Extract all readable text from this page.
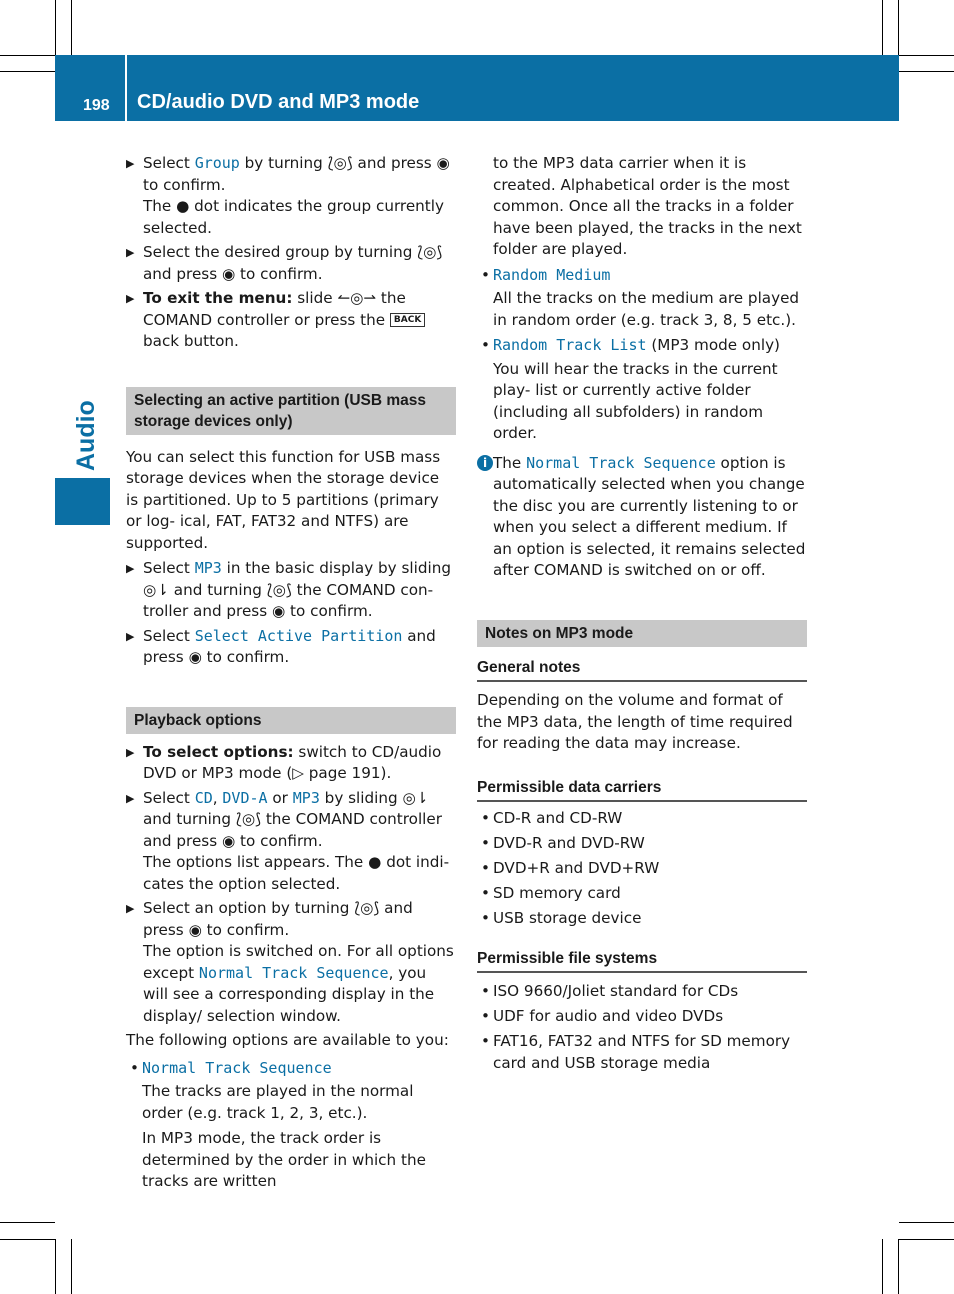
198 CD/audio DVD and MP3 mode
Audio
▶ Select Group by turning ⟅◎⟆ and press ◉ to confirm.

The ● dot indicates the group currently selected.

▶ Select the desired group by turning ⟅◎⟆ and press ◉ to confirm.
▶ To exit the menu: slide ↼◎⇀ the COMAND controller or press the BACK back button.
Selecting an active partition (USB mass storage devices only)

You can select this function for USB mass storage devices when the storage device is partitioned. Up to 5 partitions (primary or log- ical, FAT, FAT32 and NTFS) are supported.

▶ Select MP3 in the basic display by sliding ◎⇂ and turning ⟅◎⟆ the COMAND con- troller and press ◉ to confirm.
▶ Select Select Active Partition and press ◉ to confirm.
Playback options
▶ To select options: switch to CD/audio DVD or MP3 mode (▷ page 191).
▶ Select CD, DVD-A or MP3 by sliding ◎⇂ and turning ⟅◎⟆ the COMAND controller and press ◉ to confirm.

The options list appears. The ● dot indi- cates the option selected.

▶ Select an option by turning ⟅◎⟆ and press ◉ to confirm.

The option is switched on. For all options except Normal Track Sequence, you will see a corresponding display in the display/ selection window.

The following options are available to you:

• Normal Track Sequence

The tracks are played in the normal order (e.g. track 1, 2, 3, etc.).

In MP3 mode, the track order is determined by the order in which the tracks are written

to the MP3 data carrier when it is created. Alphabetical order is the most common. Once all the tracks in a folder have been played, the tracks in the next folder are played.

• Random Medium

All the tracks on the medium are played in random order (e.g. track 3, 8, 5 etc.).

• Random Track List (MP3 mode only)

You will hear the tracks in the current play- list or currently active folder (including all subfolders) in random order.

i The Normal Track Sequence option is automatically selected when you change the disc you are currently listening to or when you select a different medium. If an option is selected, it remains selected after COMAND is switched on or off.
Notes on MP3 mode
General notes

Depending on the volume and format of the MP3 data, the length of time required for reading the data may increase.

Permissible data carriers
• CD-R and CD-RW
• DVD-R and DVD-RW
• DVD+R and DVD+RW
• SD memory card
• USB storage device
Permissible file systems
• ISO 9660/Joliet standard for CDs
• UDF for audio and video DVDs
• FAT16, FAT32 and NTFS for SD memory card and USB storage media
